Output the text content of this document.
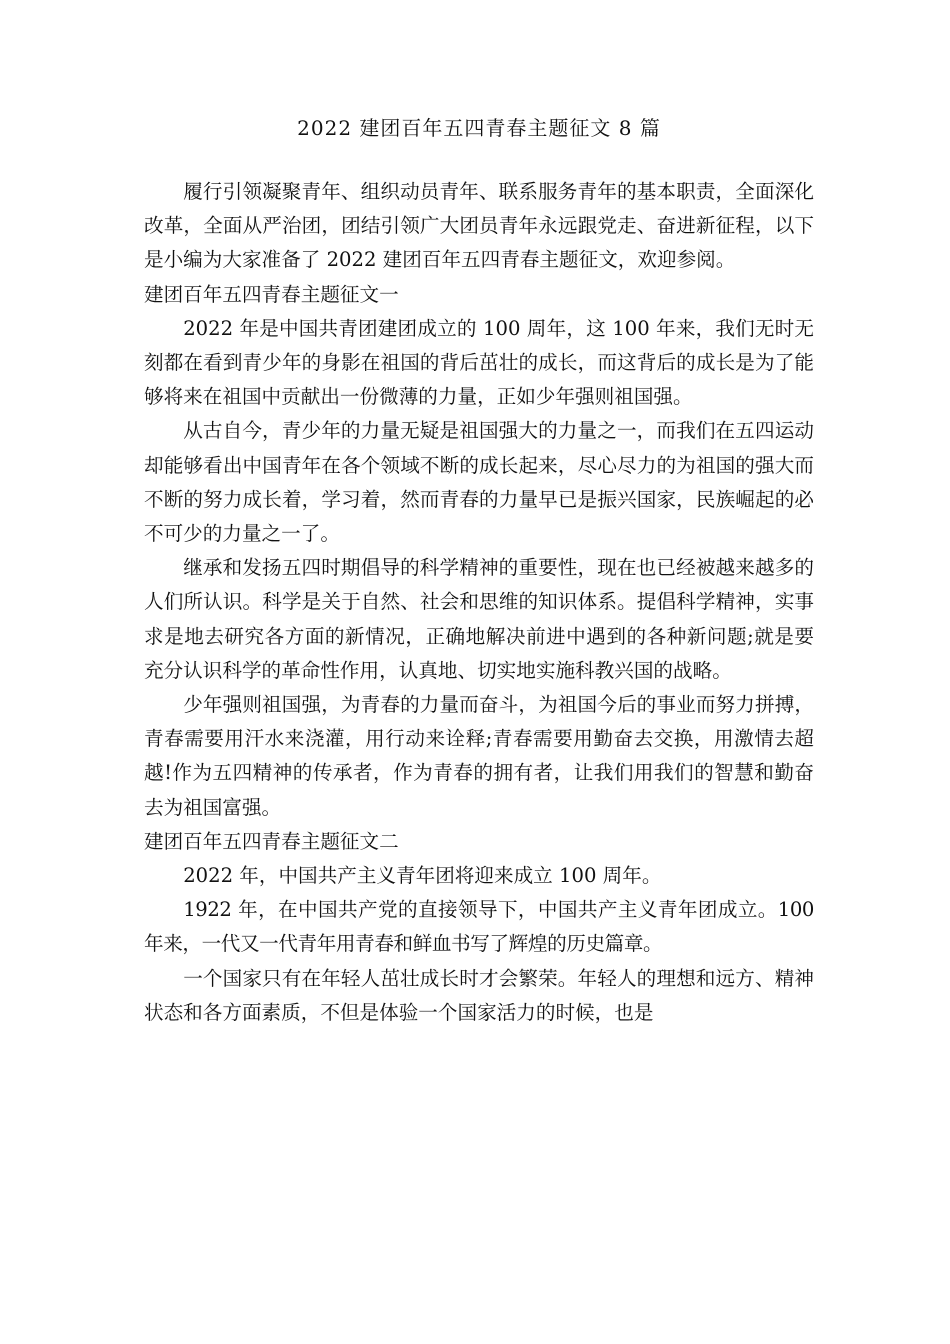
2022 建团百年五四青春主题征文 8 篇

履行引领凝聚青年、组织动员青年、联系服务青年的基本职责，全面深化改革，全面从严治团，团结引领广大团员青年永远跟党走、奋进新征程，以下是小编为大家准备了 2022 建团百年五四青春主题征文，欢迎参阅。

建团百年五四青春主题征文一

2022 年是中国共青团建团成立的 100 周年，这 100 年来，我们无时无刻都在看到青少年的身影在祖国的背后茁壮的成长，而这背后的成长是为了能够将来在祖国中贡献出一份微薄的力量，正如少年强则祖国强。

从古自今，青少年的力量无疑是祖国强大的力量之一，而我们在五四运动却能够看出中国青年在各个领域不断的成长起来，尽心尽力的为祖国的强大而不断的努力成长着，学习着，然而青春的力量早已是振兴国家，民族崛起的必不可少的力量之一了。

继承和发扬五四时期倡导的科学精神的重要性，现在也已经被越来越多的人们所认识。科学是关于自然、社会和思维的知识体系。提倡科学精神，实事求是地去研究各方面的新情况，正确地解决前进中遇到的各种新问题;就是要充分认识科学的革命性作用，认真地、切实地实施科教兴国的战略。

少年强则祖国强，为青春的力量而奋斗，为祖国今后的事业而努力拼搏，青春需要用汗水来浇灌，用行动来诠释;青春需要用勤奋去交换，用激情去超越!作为五四精神的传承者，作为青春的拥有者，让我们用我们的智慧和勤奋去为祖国富强。

建团百年五四青春主题征文二

2022 年，中国共产主义青年团将迎来成立 100 周年。

1922 年，在中国共产党的直接领导下，中国共产主义青年团成立。100 年来，一代又一代青年用青春和鲜血书写了辉煌的历史篇章。

一个国家只有在年轻人茁壮成长时才会繁荣。年轻人的理想和远方、精神状态和各方面素质，不但是体验一个国家活力的时候，也是
